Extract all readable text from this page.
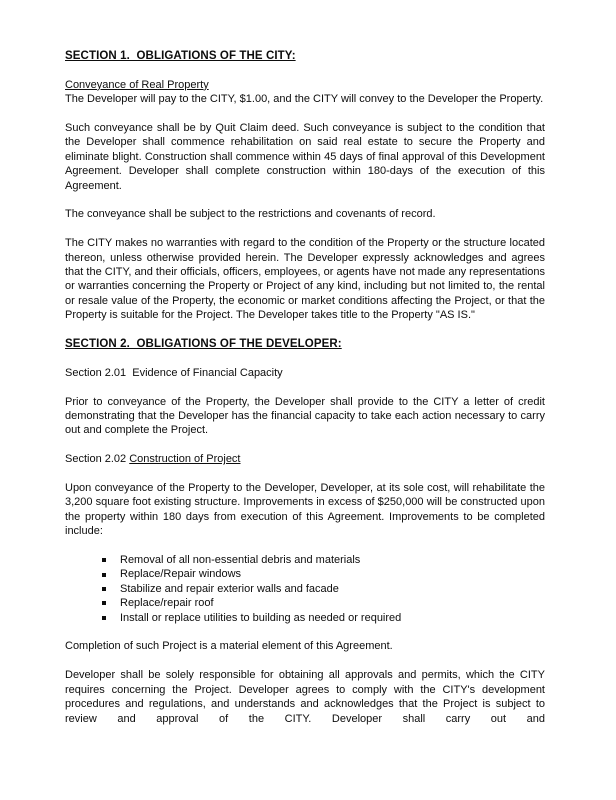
SECTION 1.  OBLIGATIONS OF THE CITY:

Conveyance of Real Property

The Developer will pay to the CITY, $1.00, and the CITY will convey to the Developer the Property.

Such conveyance shall be by Quit Claim deed. Such conveyance is subject to the condition that the Developer shall commence rehabilitation on said real estate to secure the Property and eliminate blight. Construction shall commence within 45 days of final approval of this Development Agreement. Developer shall complete construction within 180-days of the execution of this Agreement.

The conveyance shall be subject to the restrictions and covenants of record.

The CITY makes no warranties with regard to the condition of the Property or the structure located thereon, unless otherwise provided herein. The Developer expressly acknowledges and agrees that the CITY, and their officials, officers, employees, or agents have not made any representations or warranties concerning the Property or Project of any kind, including but not limited to, the rental or resale value of the Property, the economic or market conditions affecting the Project, or that the Property is suitable for the Project. The Developer takes title to the Property "AS IS."

SECTION 2.  OBLIGATIONS OF THE DEVELOPER:

Section 2.01  Evidence of Financial Capacity

Prior to conveyance of the Property, the Developer shall provide to the CITY a letter of credit demonstrating that the Developer has the financial capacity to take each action necessary to carry out and complete the Project.

Section 2.02 Construction of Project

Upon conveyance of the Property to the Developer, Developer, at its sole cost, will rehabilitate the 3,200 square foot existing structure. Improvements in excess of $250,000 will be constructed upon the property within 180 days from execution of this Agreement. Improvements to be completed include:

Removal of all non-essential debris and materials
Replace/Repair windows
Stabilize and repair exterior walls and facade
Replace/repair roof
Install or replace utilities to building as needed or required

Completion of such Project is a material element of this Agreement.

Developer shall be solely responsible for obtaining all approvals and permits, which the CITY requires concerning the Project. Developer agrees to comply with the CITY's development procedures and regulations, and understands and acknowledges that the Project is subject to review and approval of the CITY. Developer shall carry out and
